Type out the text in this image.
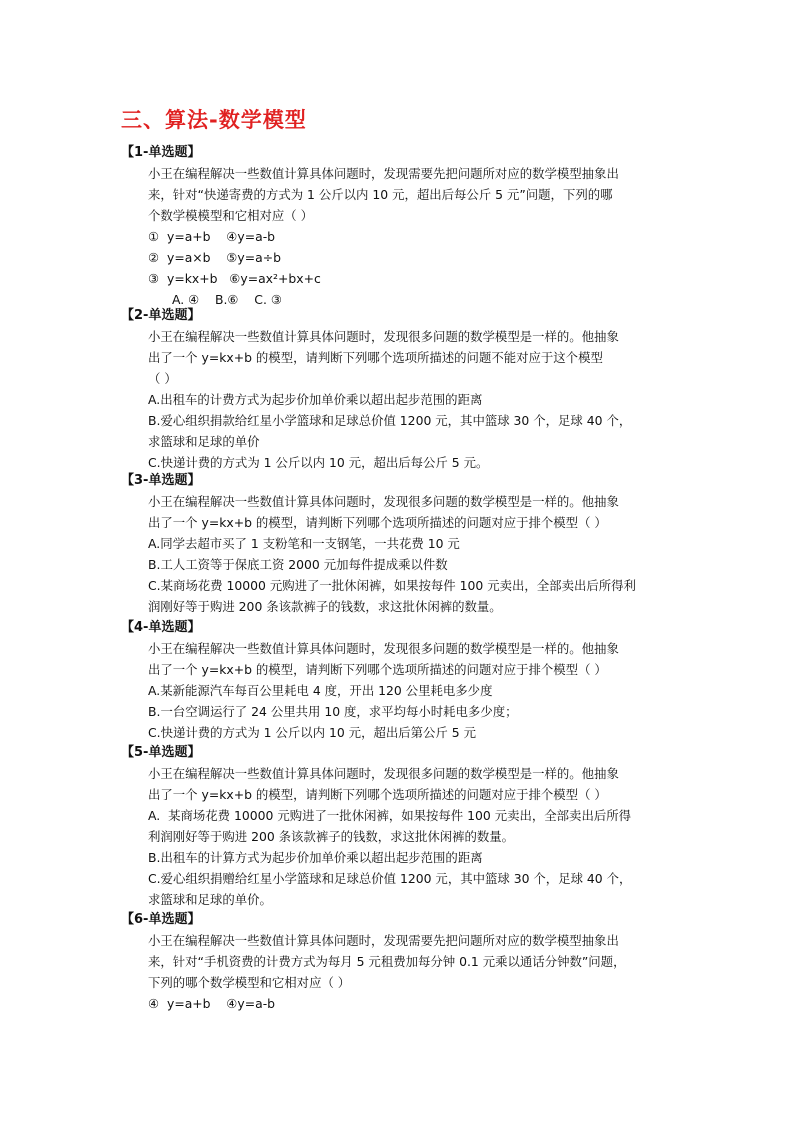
三、算法-数学模型
【1-单选题】
小王在编程解决一些数值计算具体问题时，发现需要先把问题所对应的数学模型抽象出
来，针对“快递寄费的方式为 1 公斤以内 10 元，超出后每公斤 5 元”问题，下列的哪
个数学模模型和它相对应（ ）
①  y=a+b    ④y=a-b
②  y=a×b    ⑤y=a÷b
③  y=kx+b   ⑥y=ax²+bx+c
A. ④    B.⑥    C. ③
【2-单选题】
小王在编程解决一些数值计算具体问题时，发现很多问题的数学模型是一样的。他抽象
出了一个 y=kx+b 的模型，请判断下列哪个选项所描述的问题不能对应于这个模型
（ ）
A.出租车的计费方式为起步价加单价乘以超出起步范围的距离
B.爱心组织捐款给红星小学篮球和足球总价值 1200 元，其中篮球 30 个，足球 40 个，
求篮球和足球的单价
C.快递计费的方式为 1 公斤以内 10 元，超出后每公斤 5 元。
【3-单选题】
小王在编程解决一些数值计算具体问题时，发现很多问题的数学模型是一样的。他抽象
出了一个 y=kx+b 的模型，请判断下列哪个选项所描述的问题对应于排个模型（ ）
A.同学去超市买了 1 支粉笔和一支钢笔，一共花费 10 元
B.工人工资等于保底工资 2000 元加每件提成乘以件数
C.某商场花费 10000 元购进了一批休闲裤，如果按每件 100 元卖出，全部卖出后所得利
润刚好等于购进 200 条该款裤子的钱数，求这批休闲裤的数量。
【4-单选题】
小王在编程解决一些数值计算具体问题时，发现很多问题的数学模型是一样的。他抽象
出了一个 y=kx+b 的模型，请判断下列哪个选项所描述的问题对应于排个模型（ ）
A.某新能源汽车每百公里耗电 4 度，开出 120 公里耗电多少度
B.一台空调运行了 24 公里共用 10 度，求平均每小时耗电多少度；
C.快递计费的方式为 1 公斤以内 10 元，超出后第公斤 5 元
【5-单选题】
小王在编程解决一些数值计算具体问题时，发现很多问题的数学模型是一样的。他抽象
出了一个 y=kx+b 的模型，请判断下列哪个选项所描述的问题对应于排个模型（ ）
A.  某商场花费 10000 元购进了一批休闲裤，如果按每件 100 元卖出，全部卖出后所得
利润刚好等于购进 200 条该款裤子的钱数，求这批休闲裤的数量。
B.出租车的计算方式为起步价加单价乘以超出起步范围的距离
C.爱心组织捐赠给红星小学篮球和足球总价值 1200 元，其中篮球 30 个，足球 40 个，
求篮球和足球的单价。
【6-单选题】
小王在编程解决一些数值计算具体问题时，发现需要先把问题所对应的数学模型抽象出
来，针对“手机资费的计费方式为每月 5 元租费加每分钟 0.1 元乘以通话分钟数”问题，
下列的哪个数学模型和它相对应（ ）
④  y=a+b    ④y=a-b
